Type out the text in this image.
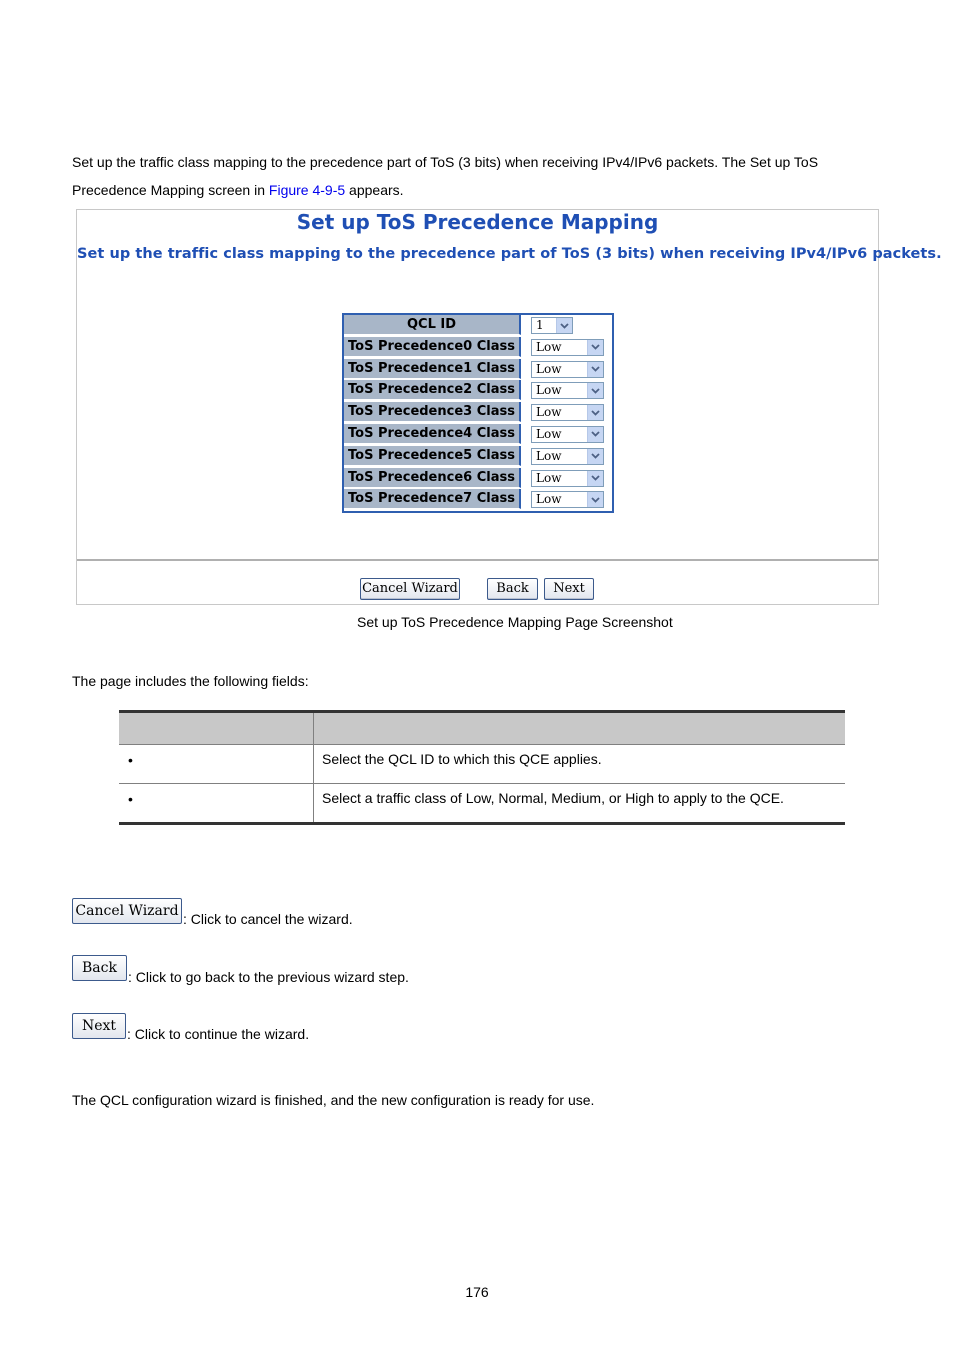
Set up the traffic class mapping to the precedence part of ToS (3 bits) when receiving IPv4/IPv6 packets. The Set up ToS
Precedence Mapping screen in Figure 4-9-5 appears.
Set up ToS Precedence Mapping
Set up the traffic class mapping to the precedence part of ToS (3 bits) when receiving IPv4/IPv6 packets.
QCL ID	1
ToS Precedence0 Class	Low
ToS Precedence1 Class	Low
ToS Precedence2 Class	Low
ToS Precedence3 Class	Low
ToS Precedence4 Class	Low
ToS Precedence5 Class	Low
ToS Precedence6 Class	Low
ToS Precedence7 Class	Low
Cancel Wizard	Back	Next
Set up ToS Precedence Mapping Page Screenshot
The page includes the following fields:
•	Select the QCL ID to which this QCE applies.
•	Select a traffic class of Low, Normal, Medium, or High to apply to the QCE.
Cancel Wizard : Click to cancel the wizard.
Back
: Click to go back to the previous wizard step.
Next : Click to continue the wizard.
The QCL configuration wizard is finished, and the new configuration is ready for use.
176
